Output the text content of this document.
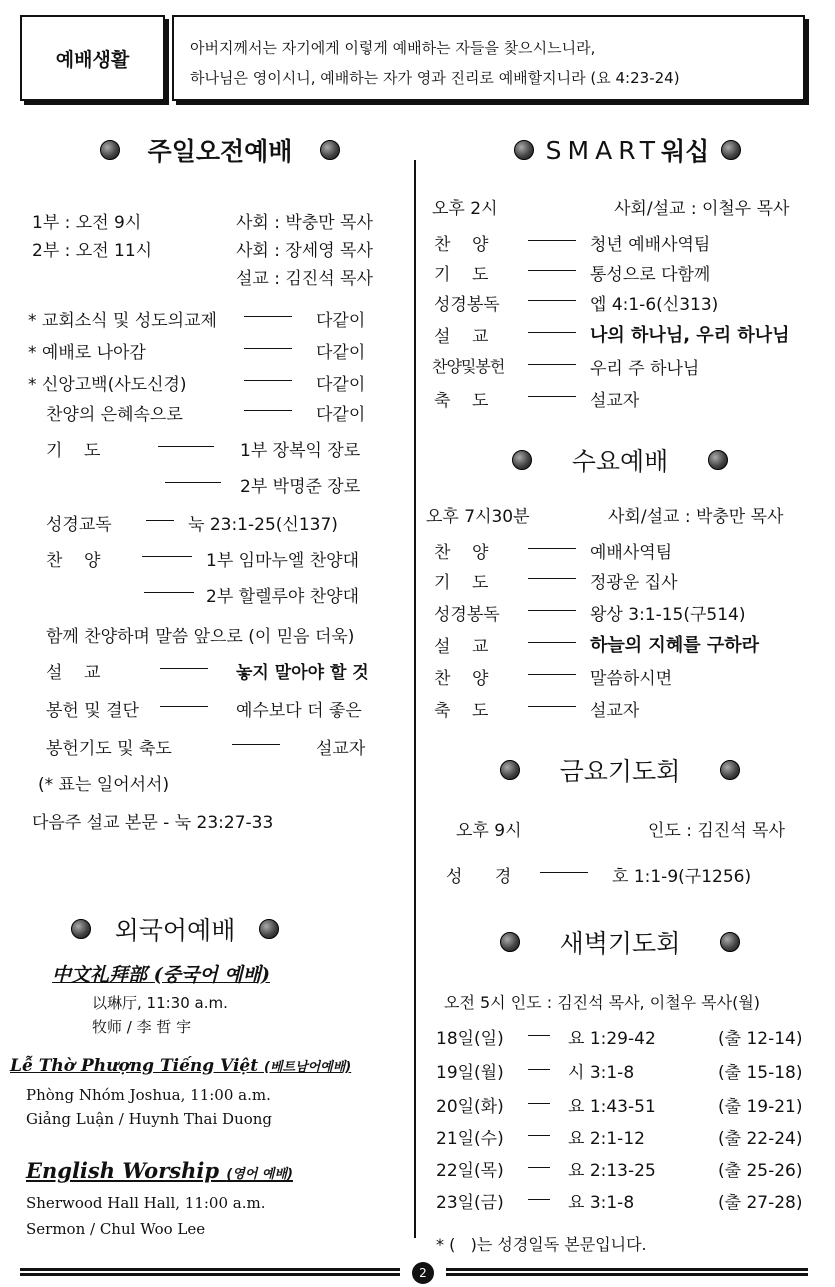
예배생활
아버지께서는 자기에게 이렇게 예배하는 자들을 찾으시느니라,
하나님은 영이시니, 예배하는 자가 영과 진리로 예배할지니라 (요 4:23-24)
주일오전예배
1부 : 오전 9시	사회 : 박충만 목사
2부 : 오전 11시	사회 : 장세영 목사
설교 : 김진석 목사
* 교회소식 및 성도의교제	다같이
* 예배로 나아감	다같이
* 신앙고백(사도신경)	다같이
찬양의 은혜속으로	다같이
기    도	1부 장복익 장로
2부 박명준 장로
성경교독	눅 23:1-25(신137)
찬    양	1부 임마누엘 찬양대
2부 할렐루야 찬양대
함께 찬양하며 말씀 앞으로 (이 믿음 더욱)
설    교	놓지 말아야 할 것
봉헌 및 결단	예수보다 더 좋은
봉헌기도 및 축도	설교자
(* 표는 일어서서)
다음주 설교 본문 - 눅 23:27-33
외국어예배
中文礼拜部 (중국어 예배)
以琳厅, 11:30 a.m.
牧师 / 李 哲 宇
Lễ Thờ Phượng Tiếng Việt (베트남어예배)
Phòng Nhóm Joshua, 11:00 a.m.
Giảng Luận / Huynh Thai Duong
English Worship (영어 예배)
Sherwood Hall Hall, 11:00 a.m.
Sermon / Chul Woo Lee
SMART 워십
오후 2시	사회/설교 : 이철우 목사
찬    양	청년 예배사역팀
기    도	통성으로 다함께
성경봉독	엡 4:1-6(신313)
설    교	나의 하나님, 우리 하나님
찬양및봉헌	우리 주 하나님
축    도	설교자
수요예배
오후 7시30분	사회/설교 : 박충만 목사
찬    양	예배사역팀
기    도	정광운 집사
성경봉독	왕상 3:1-15(구514)
설    교	하늘의 지혜를 구하라
찬    양	말씀하시면
축    도	설교자
금요기도회
오후 9시	인도 : 김진석 목사
성      경	호 1:1-9(구1256)
새벽기도회
오전 5시 인도 : 김진석 목사, 이철우 목사(월)
18일(일)	요 1:29-42	(출 12-14)
19일(월)	시 3:1-8	(출 15-18)
20일(화)	요 1:43-51	(출 19-21)
21일(수)	요 2:1-12	(출 22-24)
22일(목)	요 2:13-25	(출 25-26)
23일(금)	요 3:1-8	(출 27-28)
* (   )는 성경일독 본문입니다.
2
